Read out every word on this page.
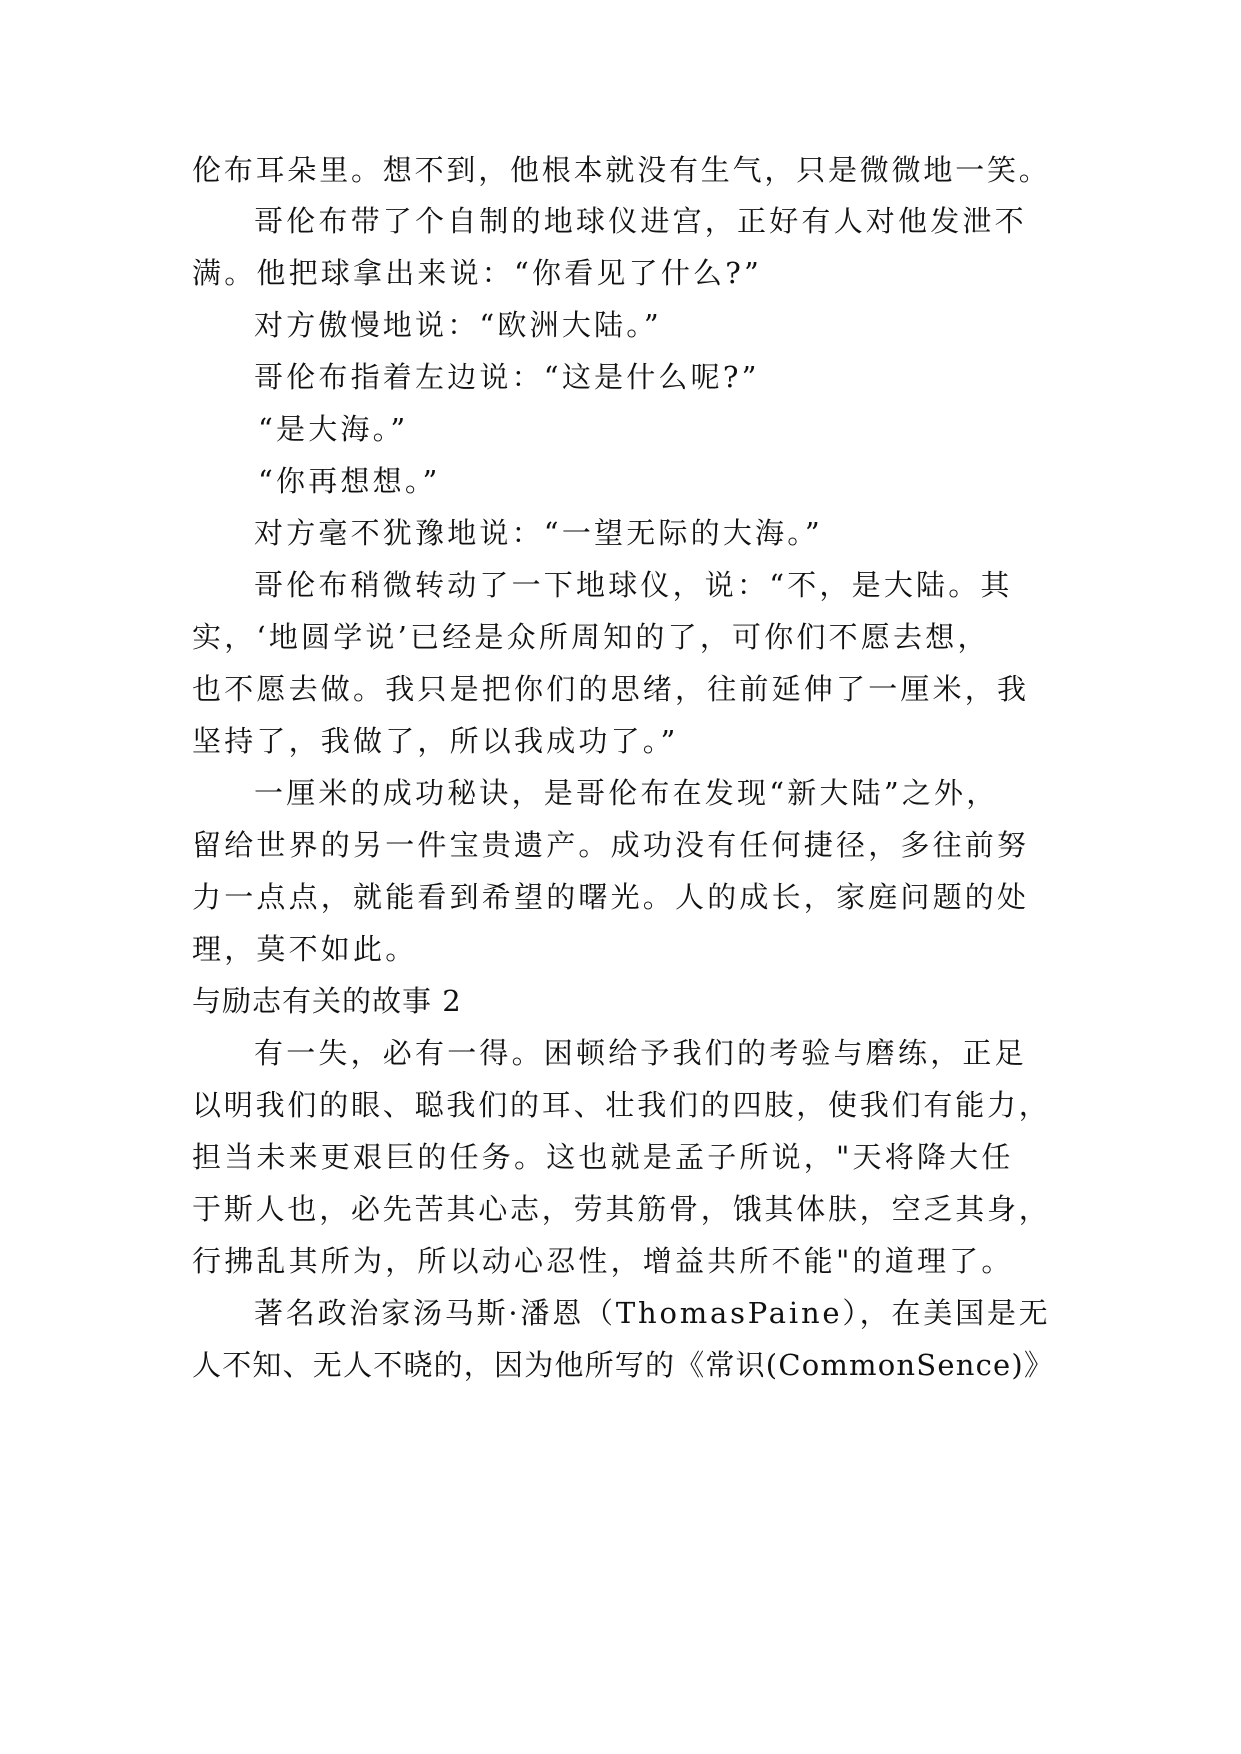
伦布耳朵里。想不到，他根本就没有生气，只是微微地一笑。
哥伦布带了个自制的地球仪进宫，正好有人对他发泄不
满。他把球拿出来说：“你看见了什么?”
对方傲慢地说：“欧洲大陆。”
哥伦布指着左边说：“这是什么呢?”
“是大海。”
“你再想想。”
对方毫不犹豫地说：“一望无际的大海。”
哥伦布稍微转动了一下地球仪，说：“不，是大陆。其
实，‘地圆学说’已经是众所周知的了，可你们不愿去想，
也不愿去做。我只是把你们的思绪，往前延伸了一厘米，我
坚持了，我做了，所以我成功了。”
一厘米的成功秘诀，是哥伦布在发现“新大陆”之外，
留给世界的另一件宝贵遗产。成功没有任何捷径，多往前努
力一点点，就能看到希望的曙光。人的成长，家庭问题的处
理，莫不如此。
与励志有关的故事 2
有一失，必有一得。困顿给予我们的考验与磨练，正足
以明我们的眼、聪我们的耳、壮我们的四肢，使我们有能力，
担当未来更艰巨的任务。这也就是孟子所说，"天将降大任
于斯人也，必先苦其心志，劳其筋骨，饿其体肤，空乏其身，
行拂乱其所为，所以动心忍性，增益共所不能"的道理了。
著名政治家汤马斯·潘恩（ThomasPaine），在美国是无
人不知、无人不晓的，因为他所写的《常识(CommonSence)》
